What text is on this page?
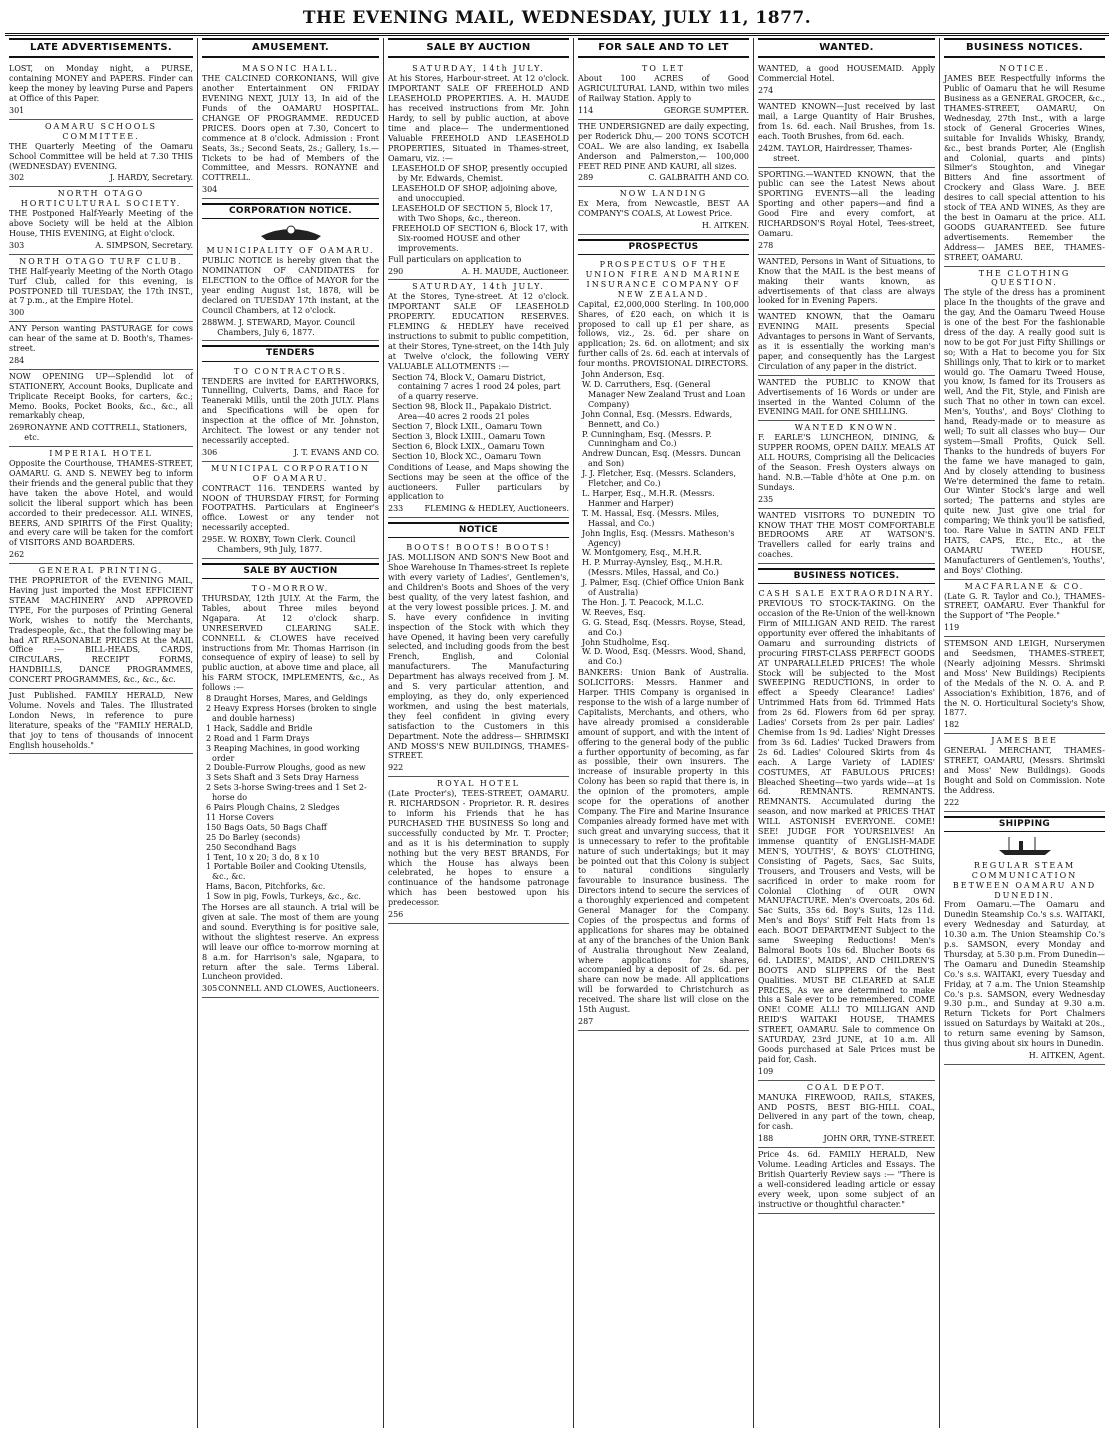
THE EVENING MAIL, WEDNESDAY, JULY 11, 1877.
LATE ADVERTISEMENTS.
LOST, on Monday night, a PURSE, containing MONEY and PAPERS. Finder can keep the money by leaving Purse and Papers at Office of this Paper.
301
OAMARU SCHOOLS COMMITTEE.
THE Quarterly Meeting of the Oamaru School Committee will be held at 7.30 THIS (WEDNESDAY) EVENING.
302	J. HARDY, Secretary.
NORTH OTAGO HORTICULTURAL SOCIETY.
THE Postponed Half-Yearly Meeting of the above Society will be held at the Albion House, THIS EVENING, at Eight o'clock.
303	A. SIMPSON, Secretary.
NORTH OTAGO TURF CLUB.
THE Half-yearly Meeting of the North Otago Turf Club, called for this evening, is POSTPONED till TUESDAY, the 17th INST., at 7 p.m., at the Empire Hotel.
300
ANY Person wanting PASTURAGE for cows can hear of the same at D. Booth's, Thames-street.
284
NOW OPENING UP—Splendid lot of STATIONERY, Account Books, Duplicate and Triplicate Receipt Books, for carters, &c.; Memo. Books, Pocket Books, &c., &c., all remarkably cheap,
269 RONAYNE AND COTTRELL, Stationers, etc.
IMPERIAL HOTEL
Opposite the Courthouse, THAMES-STREET, OAMARU. G. AND S. NEWEY beg to inform their friends and the general public that they have taken the above Hotel, and would solicit the liberal support which has been accorded to their predecessor. ALL WINES, BEERS, AND SPIRITS Of the First Quality; and every care will be taken for the comfort of VISITORS AND BOARDERS.
262
GENERAL PRINTING.
THE PROPRIETOR of the EVENING MAIL, Having just imported the Most EFFICIENT STEAM MACHINERY AND APPROVED TYPE, For the purposes of Printing General Work, wishes to notify the Merchants, Tradespeople, &c., that the following may be had AT REASONABLE PRICES At the MAIL Office :— BILL-HEADS, CARDS, CIRCULARS, RECEIPT FORMS, HANDBILLS, DANCE PROGRAMMES, CONCERT PROGRAMMES, &c., &c., &c.
Just Published. FAMILY HERALD, New Volume. Novels and Tales. The Illustrated London News, in reference to pure literature, speaks of the "FAMILY HERALD, that joy to tens of thousands of innocent English households."
AMUSEMENT.
MASONIC HALL.
THE CALCINED CORKONIANS, Will give another Entertainment ON FRIDAY EVENING NEXT, JULY 13, In aid of the Funds of the OAMARU HOSPITAL. CHANGE OF PROGRAMME. REDUCED PRICES. Doors open at 7.30, Concert to commence at 8 o'clock. Admission : Front Seats, 3s.; Second Seats, 2s.; Gallery, 1s.— Tickets to be had of Members of the Committee, and Messrs. RONAYNE and COTTRELL.
304
CORPORATION NOTICE.
MUNICIPALITY OF OAMARU.
PUBLIC NOTICE is hereby given that the NOMINATION OF CANDIDATES for ELECTION to the Office of MAYOR for the year ending August 1st, 1878, will be declared on TUESDAY 17th instant, at the Council Chambers, at 12 o'clock.
288 WM. J. STEWARD, Mayor. Council Chambers, July 6, 1877.
TENDERS
TO CONTRACTORS.
TENDERS are invited for EARTHWORKS, Tunnelling, Culverts, Dams, and Race for Teaneraki Mills, until the 20th JULY. Plans and Specifications will be open for inspection at the office of Mr. Johnston, Architect. The lowest or any tender not necessarily accepted.
306	J. T. EVANS AND CO.
MUNICIPAL CORPORATION OF OAMARU.
CONTRACT 116. TENDERS wanted by NOON of THURSDAY FIRST, for Forming FOOTPATHS. Particulars at Engineer's office. Lowest or any tender not necessarily accepted.
295 E. W. ROXBY, Town Clerk. Council Chambers, 9th July, 1877.
SALE BY AUCTION
TO-MORROW.
THURSDAY, 12th JULY. At the Farm, the Tables, about Three miles beyond Ngapara. At 12 o'clock sharp. UNRESERVED CLEARING SALE. CONNELL & CLOWES have received instructions from Mr. Thomas Harrison (in consequence of expiry of lease) to sell by public auction, at above time and place, all his FARM STOCK, IMPLEMENTS, &c., As follows :—
8 Draught Horses, Mares, and Geldings
2 Heavy Express Horses (broken to single and double harness)
1 Hack, Saddle and Bridle
2 Road and 1 Farm Drays
3 Reaping Machines, in good working order
2 Double-Furrow Ploughs, good as new
3 Sets Shaft and 3 Sets Dray Harness
2 Sets 3-horse Swing-trees and 1 Set 2-horse do
6 Pairs Plough Chains, 2 Sledges
11 Horse Covers
150 Bags Oats, 50 Bags Chaff
25 Do Barley (seconds)
250 Secondhand Bags
1 Tent, 10 x 20; 3 do, 8 x 10
1 Portable Boiler and Cooking Utensils, &c., &c.
Hams, Bacon, Pitchforks, &c.
1 Sow in pig, Fowls, Turkeys, &c., &c.
The Horses are all staunch. A trial will be given at sale. The most of them are young and sound. Everything is for positive sale, without the slightest reserve. An express will leave our office to-morrow morning at 8 a.m. for Harrison's sale, Ngapara, to return after the sale. Terms Liberal. Luncheon provided.
305 CONNELL AND CLOWES, Auctioneers.
SALE BY AUCTION
SATURDAY, 14th JULY.
At his Stores, Harbour-street. At 12 o'clock. IMPORTANT SALE OF FREEHOLD AND LEASEHOLD PROPERTIES. A. H. MAUDE has received instructions from Mr. John Hardy, to sell by public auction, at above time and place— The undermentioned Valuable FREEHOLD AND LEASEHOLD PROPERTIES, Situated in Thames-street, Oamaru, viz. :—
LEASEHOLD OF SHOP, presently occupied by Mr. Edwards, Chemist.
LEASEHOLD OF SHOP, adjoining above, and unoccupied.
LEASEHOLD OF SECTION 5, Block 17, with Two Shops, &c., thereon.
FREEHOLD OF SECTION 6, Block 17, with Six-roomed HOUSE and other improvements.
Full particulars on application to
290	A. H. MAUDE, Auctioneer.
SATURDAY, 14th JULY.
At the Stores, Tyne-street. At 12 o'clock. IMPORTANT SALE OF LEASEHOLD PROPERTY. EDUCATION RESERVES. FLEMING & HEDLEY have received instructions to submit to public competition, at their Stores, Tyne-street, on the 14th July at Twelve o'clock, the following VERY VALUABLE ALLOTMENTS :—
Section 74, Block V., Oamaru District, containing 7 acres 1 rood 24 poles, part of a quarry reserve.
Section 98, Block II., Papakaio District. Area—40 acres 2 roods 21 poles
Section 7, Block LXII., Oamaru Town
Section 3, Block LXIII., Oamaru Town
Section 6, Block LXIX., Oamaru Town
Section 10, Block XC., Oamaru Town
Conditions of Lease, and Maps showing the Sections may be seen at the office of the auctioneers. Fuller particulars by application to
233	FLEMING & HEDLEY, Auctioneers.
NOTICE
BOOTS! BOOTS! BOOTS!
JAS. MOLLISON AND SON'S New Boot and Shoe Warehouse In Thames-street Is replete with every variety of Ladies', Gentlemen's, and Children's Boots and Shoes of the very best quality, of the very latest fashion, and at the very lowest possible prices. J. M. and S. have every confidence in inviting inspection of the Stock with which they have Opened, it having been very carefully selected, and including goods from the best French, English, and Colonial manufacturers. The Manufacturing Department has always received from J. M. and S. very particular attention, and employing, as they do, only experienced workmen, and using the best materials, they feel confident in giving every satisfaction to the Customers in this Department. Note the address— SHRIMSKI AND MOSS'S NEW BUILDINGS, THAMES-STREET.
922
ROYAL HOTEL
(Late Procter's), TEES-STREET, OAMARU. R. RICHARDSON - Proprietor. R. R. desires to inform his Friends that he has PURCHASED THE BUSINESS So long and successfully conducted by Mr. T. Procter; and as it is his determination to supply nothing but the very BEST BRANDS, For which the House has always been celebrated, he hopes to ensure a continuance of the handsome patronage which has been bestowed upon his predecessor.
256
FOR SALE AND TO LET
TO LET
About 100 ACRES of Good AGRICULTURAL LAND, within two miles of Railway Station. Apply to
114	GEORGE SUMPTER.
THE UNDERSIGNED are daily expecting, per Roderick Dhu,— 200 TONS SCOTCH COAL. We are also landing, ex Isabella Anderson and Palmerston,— 100,000 FEET RED PINE AND KAURI, all sizes.
289	C. GALBRAITH AND CO.
NOW LANDING
Ex Mera, from Newcastle, BEST AA COMPANY'S COALS, At Lowest Price.
H. AITKEN.
PROSPECTUS
PROSPECTUS OF THE UNION FIRE AND MARINE INSURANCE COMPANY OF NEW ZEALAND.
Capital, £2,000,000 Sterling. In 100,000 Shares, of £20 each, on which it is proposed to call up £1 per share, as follows, viz., 2s. 6d. per share on application; 2s. 6d. on allotment; and six further calls of 2s. 6d. each at intervals of four months. PROVISIONAL DIRECTORS.
John Anderson, Esq.
W. D. Carruthers, Esq. (General Manager New Zealand Trust and Loan Company)
John Connal, Esq. (Messrs. Edwards, Bennett, and Co.)
P. Cunningham, Esq. (Messrs. P. Cunningham and Co.)
Andrew Duncan, Esq. (Messrs. Duncan and Son)
J. J. Fletcher, Esq. (Messrs. Sclanders, Fletcher, and Co.)
L. Harper, Esq., M.H.R. (Messrs. Hanmer and Harper)
T. M. Hassal, Esq. (Messrs. Miles, Hassal, and Co.)
John Inglis, Esq. (Messrs. Matheson's Agency)
W. Montgomery, Esq., M.H.R.
H. P. Murray-Aynsley, Esq., M.H.R. (Messrs. Miles, Hassal, and Co.)
J. Palmer, Esq. (Chief Office Union Bank of Australia)
The Hon. J. T. Peacock, M.L.C.
W. Reeves, Esq.
G. G. Stead, Esq. (Messrs. Royse, Stead, and Co.)
John Studholme, Esq.
W. D. Wood, Esq. (Messrs. Wood, Shand, and Co.)
BANKERS: Union Bank of Australia. SOLICITORS: Messrs. Hanmer and Harper. THIS Company is organised in response to the wish of a large number of Capitalists, Merchants, and others, who have already promised a considerable amount of support, and with the intent of offering to the general body of the public a further opportunity of becoming, as far as possible, their own insurers. The increase of insurable property in this Colony has been so rapid that there is, in the opinion of the promoters, ample scope for the operations of another Company. The Fire and Marine Insurance Companies already formed have met with such great and unvarying success, that it is unnecessary to refer to the profitable nature of such undertakings; but it may be pointed out that this Colony is subject to natural conditions singularly favourable to insurance business. The Directors intend to secure the services of a thoroughly experienced and competent General Manager for the Company. Copies of the prospectus and forms of applications for shares may be obtained at any of the branches of the Union Bank of Australia throughout New Zealand, where applications for shares, accompanied by a deposit of 2s. 6d. per share can now be made. All applications will be forwarded to Christchurch as received. The share list will close on the 15th August.
287
WANTED.
WANTED, a good HOUSEMAID. Apply Commercial Hotel.
274
WANTED KNOWN—Just received by last mail, a Large Quantity of Hair Brushes, from 1s. 6d. each. Nail Brushes, from 1s. each. Tooth Brushes, from 6d. each.
242 M. TAYLOR, Hairdresser, Thames-street.
SPORTING.—WANTED KNOWN, that the public can see the Latest News about SPORTING EVENTS—all the leading Sporting and other papers—and find a Good Fire and every comfort, at RICHARDSON'S Royal Hotel, Tees-street, Oamaru.
278
WANTED, Persons in Want of Situations, to Know that the MAIL is the best means of making their wants known, as advertisements of that class are always looked for in Evening Papers.
WANTED KNOWN, that the Oamaru EVENING MAIL presents Special Advantages to persons in Want of Servants, as it is essentially the working man's paper, and consequently has the Largest Circulation of any paper in the district.
WANTED the PUBLIC to KNOW that Advertisements of 16 Words or under are inserted in the Wanted Column of the EVENING MAIL for ONE SHILLING.
WANTED KNOWN.
F. EARLE'S LUNCHEON, DINING, & SUPPER ROOMS, OPEN DAILY. MEALS AT ALL HOURS, Comprising all the Delicacies of the Season. Fresh Oysters always on hand. N.B.—Table d'hôte at One p.m. on Sundays.
235
WANTED VISITORS TO DUNEDIN TO KNOW THAT THE MOST COMFORTABLE BEDROOMS ARE AT WATSON'S. Travellers called for early trains and coaches.
BUSINESS NOTICES.
CASH SALE EXTRAORDINARY.
PREVIOUS TO STOCK-TAKING. On the occasion of the Re-Union of the well-known Firm of MILLIGAN AND REID. The rarest opportunity ever offered the inhabitants of Oamaru and surrounding districts of procuring FIRST-CLASS PERFECT GOODS AT UNPARALLELED PRICES! The whole Stock will be subjected to the Most SWEEPING REDUCTIONS, in order to effect a Speedy Clearance! Ladies' Untrimmed Hats from 6d. Trimmed Hats from 2s 6d. Flowers from 6d per spray. Ladies' Corsets from 2s per pair. Ladies' Chemise from 1s 9d. Ladies' Night Dresses from 3s 6d. Ladies' Tucked Drawers from 2s 6d. Ladies' Coloured Skirts from 4s each. A Large Variety of LADIES' COSTUMES, AT FABULOUS PRICES! Bleached Sheeting—two yards wide—at 1s 6d. REMNANTS. REMNANTS. REMNANTS. Accumulated during the season, and now marked at PRICES THAT WILL ASTONISH EVERYONE. COME! SEE! JUDGE FOR YOURSELVES! An immense quantity of ENGLISH-MADE MEN'S, YOUTHS', & BOYS' CLOTHING, Consisting of Pagets, Sacs, Sac Suits, Trousers, and Trousers and Vests, will be sacrificed in order to make room for Colonial Clothing of OUR OWN MANUFACTURE. Men's Overcoats, 20s 6d. Sac Suits, 35s 6d. Boy's Suits, 12s 11d. Men's and Boys' Stiff Felt Hats from 1s each. BOOT DEPARTMENT Subject to the same Sweeping Reductions! Men's Balmoral Boots 10s 6d. Blucher Boots 6s 6d. LADIES', MAIDS', AND CHILDREN'S BOOTS AND SLIPPERS Of the Best Qualities. MUST BE CLEARED at SALE PRICES, As we are determined to make this a Sale ever to be remembered. COME ONE! COME ALL! TO MILLIGAN AND REID'S WAITAKI HOUSE, THAMES STREET, OAMARU. Sale to commence On SATURDAY, 23rd JUNE, at 10 a.m. All Goods purchased at Sale Prices must be paid for, Cash.
109
COAL DEPOT.
MANUKA FIREWOOD, RAILS, STAKES, AND POSTS, BEST BIG-HILL COAL, Delivered in any part of the town, cheap, for cash.
188	JOHN ORR, TYNE-STREET.
Price 4s. 6d. FAMILY HERALD, New Volume. Leading Articles and Essays. The British Quarterly Review says :— "There is a well-considered leading article or essay every week, upon some subject of an instructive or thoughtful character."
BUSINESS NOTICES.
NOTICE.
JAMES BEE Respectfully informs the Public of Oamaru that he will Resume Business as a GENERAL GROCER, &c., THAMES-STREET, OAMARU, On Wednesday, 27th Inst., with a large stock of General Groceries Wines, suitable for Invalids Whisky, Brandy, &c., best brands Porter, Ale (English and Colonial, quarts and pints) Silmer's Stoughton, and Vinegar Bitters And fine assortment of Crockery and Glass Ware. J. BEE desires to call special attention to his stock of TEA AND WINES, As they are the best in Oamaru at the price. ALL GOODS GUARANTEED. See future advertisements. Remember the Address— JAMES BEE, THAMES-STREET, OAMARU.
THE CLOTHING QUESTION.
The style of the dress has a prominent place In the thoughts of the grave and the gay, And the Oamaru Tweed House is one of the best For the fashionable dress of the day. A really good suit is now to be got For just Fifty Shillings or so; With a Hat to become you for Six Shillings only, That to kirk or to market would go. The Oamaru Tweed House, you know, Is famed for its Trousers as well, And the Fit, Style, and Finish are such That no other in town can excel. Men's, Youths', and Boys' Clothing to hand, Ready-made or to measure as well; To suit all classes who buy— Our system—Small Profits, Quick Sell. Thanks to the hundreds of buyers For the fame we have managed to gain, And by closely attending to business We're determined the fame to retain. Our Winter Stock's large and well sorted; The patterns and styles are quite new. Just give one trial for comparing; We think you'll be satisfied, too. Rare Value in SATIN AND FELT HATS, CAPS, Etc., Etc., at the OAMARU TWEED HOUSE, Manufacturers of Gentlemen's, Youths', and Boys' Clothing.
MACFARLANE & CO.
(Late G. R. Taylor and Co.), THAMES-STREET, OAMARU. Ever Thankful for the Support of "The People."
119
STEMSON AND LEIGH, Nurserymen and Seedsmen, THAMES-STREET, (Nearly adjoining Messrs. Shrimski and Moss' New Buildings) Recipients of the Medals of the N. O. A. and P. Association's Exhibition, 1876, and of the N. O. Horticultural Society's Show, 1877.
182
JAMES BEE
GENERAL MERCHANT, THAMES-STREET, OAMARU, (Messrs. Shrimski and Moss' New Buildings). Goods Bought and Sold on Commission. Note the Address.
222
SHIPPING
REGULAR STEAM COMMUNICATION BETWEEN OAMARU AND DUNEDIN.
From Oamaru.—The Oamaru and Dunedin Steamship Co.'s s.s. WAITAKI, every Wednesday and Saturday, at 10.30 a.m. The Union Steamship Co.'s p.s. SAMSON, every Monday and Thursday, at 5.30 p.m. From Dunedin—The Oamaru and Dunedin Steamship Co.'s s.s. WAITAKI, every Tuesday and Friday, at 7 a.m. The Union Steamship Co.'s p.s. SAMSON, every Wednesday 9.30 p.m., and Sunday at 9.30 a.m. Return Tickets for Port Chalmers issued on Saturdays by Waitaki at 20s., to return same evening by Samson, thus giving about six hours in Dunedin.
H. AITKEN, Agent.
